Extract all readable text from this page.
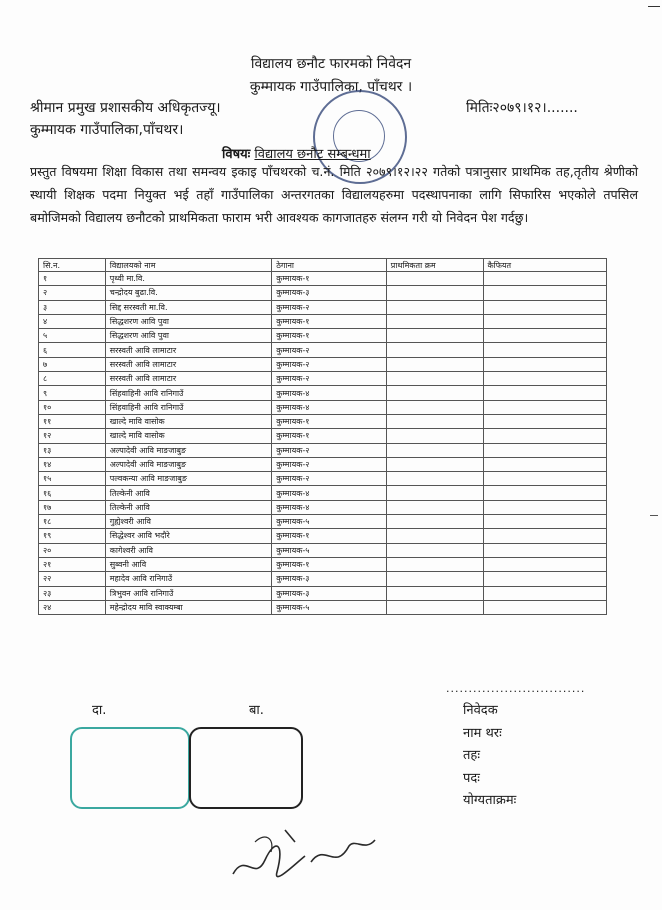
विद्यालय छनौट फारमको निवेदन
कुम्मायक गाउँपालिका, पाँचथर ।
श्रीमान प्रमुख प्रशासकीय अधिकृतज्यू।	मितिः२०७९।१२।.......
कुम्मायक गाउँपालिका,पाँचथर।
विषयः विद्यालय छनौट सम्बन्धमा
प्रस्तुत विषयमा शिक्षा विकास तथा समन्वय इकाइ पाँचथरको च.नं. मिति २०७९।१२।२२ गतेको पत्रानुसार प्राथमिक तह,तृतीय श्रेणीको स्थायी शिक्षक पदमा नियुक्त भई तहाँ गाउँपालिका अन्तरगतका विद्यालयहरुमा पदस्थापनाका लागि सिफारिस भएकोले तपसिल बमोजिमको विद्यालय छनौटको प्राथमिकता फाराम भरी आवश्यक कागजातहरु संलग्न गरी यो निवेदन पेश गर्दछु।
सि.न.	विद्यालयको नाम	ठेगाना	प्राथमिकता क्रम	कैफियत
१	पृथ्वी मा.वि.	कुम्मायक-१		
२	चन्द्रोदय बुढा.वि.	कुम्मायक-३		
३	सिद्द सरस्वती मा.वि.	कुम्मायक-२		
४	सिद्धशरण आवि पुवा	कुम्मायक-१		
५	सिद्धशरण आवि पुवा	कुम्मायक-१		
६	सरस्वती आवि लामाटार	कुम्मायक-२		
७	सरस्वती आवि लामाटार	कुम्मायक-२		
८	सरस्वती आवि लामाटार	कुम्मायक-२		
९	सिंहवाहिनी आवि रानिगाउँ	कुम्मायक-४		
१०	सिंहवाहिनी आवि रानिगाउँ	कुम्मायक-४		
११	खाल्दे मावि वासोक	कुम्मायक-१		
१२	खाल्दे मावि वासोक	कुम्मायक-१		
१३	अल्पादेवी आवि माङजाबुङ	कुम्मायक-२		
१४	अल्पादेवी आवि माङजाबुङ	कुम्मायक-२		
१५	पल्वकन्या आवि माङजाबुङ	कुम्मायक-२		
१६	तिल्केनी आवि	कुम्मायक-४		
१७	तिल्केनी आवि	कुम्मायक-४		
१८	गुह्येश्वरी आवि	कुम्मायक-५		
१९	सिद्धेश्वर आवि भदौरे	कुम्मायक-१		
२०	कागेश्वरी आवि	कुम्मायक-५		
२१	सुब्वनी आवि	कुम्मायक-१		
२२	महादेव आवि रानिगाउँ	कुम्मायक-३		
२३	त्रिभुवन आवि रानिगाउँ	कुम्मायक-३		
२४	महेन्द्रोदय मावि स्वाक्यम्बा	कुम्मायक-५		
...............................
दा.	बा.	निवेदक
नाम थरः
तहः
पदः
योग्यताक्रमः
